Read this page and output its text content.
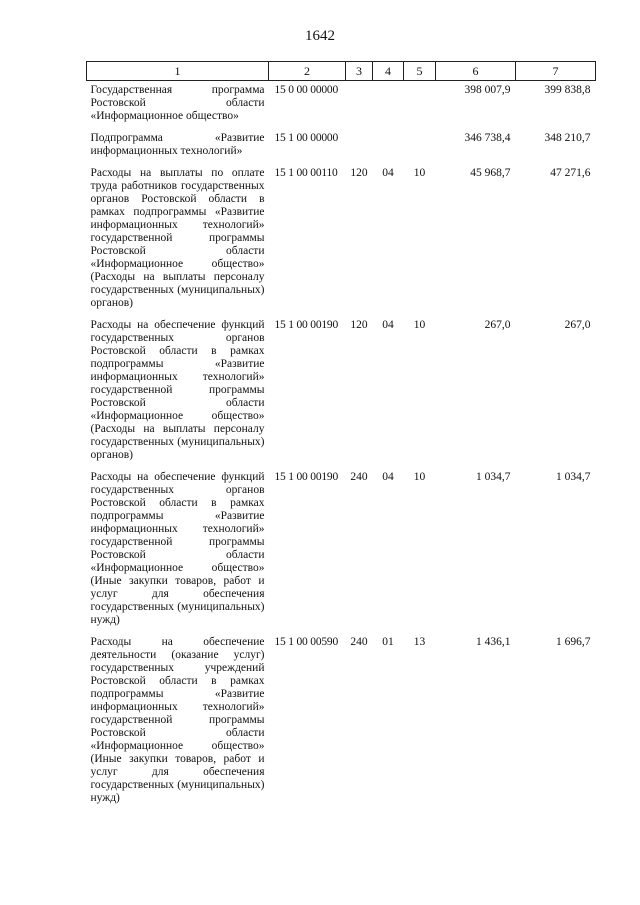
1642
1	2	3	4	5	6	7
Государственная программа Ростовской области «Информационное общество»	15 0 00 00000				398 007,9	399 838,8
Подпрограмма «Развитие информационных технологий»	15 1 00 00000				346 738,4	348 210,7
Расходы на выплаты по оплате труда работников государственных органов Ростовской области в рамках подпрограммы «Развитие информационных технологий» государственной программы Ростовской области «Информационное общество» (Расходы на выплаты персоналу государственных (муниципальных) органов)	15 1 00 00110	120	04	10	45 968,7	47 271,6
Расходы на обеспечение функций государственных органов Ростовской области в рамках подпрограммы «Развитие информационных технологий» государственной программы Ростовской области «Информационное общество» (Расходы на выплаты персоналу государственных (муниципальных) органов)	15 1 00 00190	120	04	10	267,0	267,0
Расходы на обеспечение функций государственных органов Ростовской области в рамках подпрограммы «Развитие информационных технологий» государственной программы Ростовской области «Информационное общество» (Иные закупки товаров, работ и услуг для обеспечения государственных (муниципальных) нужд)	15 1 00 00190	240	04	10	1 034,7	1 034,7
Расходы на обеспечение деятельности (оказание услуг) государственных учреждений Ростовской области в рамках подпрограммы «Развитие информационных технологий» государственной программы Ростовской области «Информационное общество» (Иные закупки товаров, работ и услуг для обеспечения государственных (муниципальных) нужд)	15 1 00 00590	240	01	13	1 436,1	1 696,7
